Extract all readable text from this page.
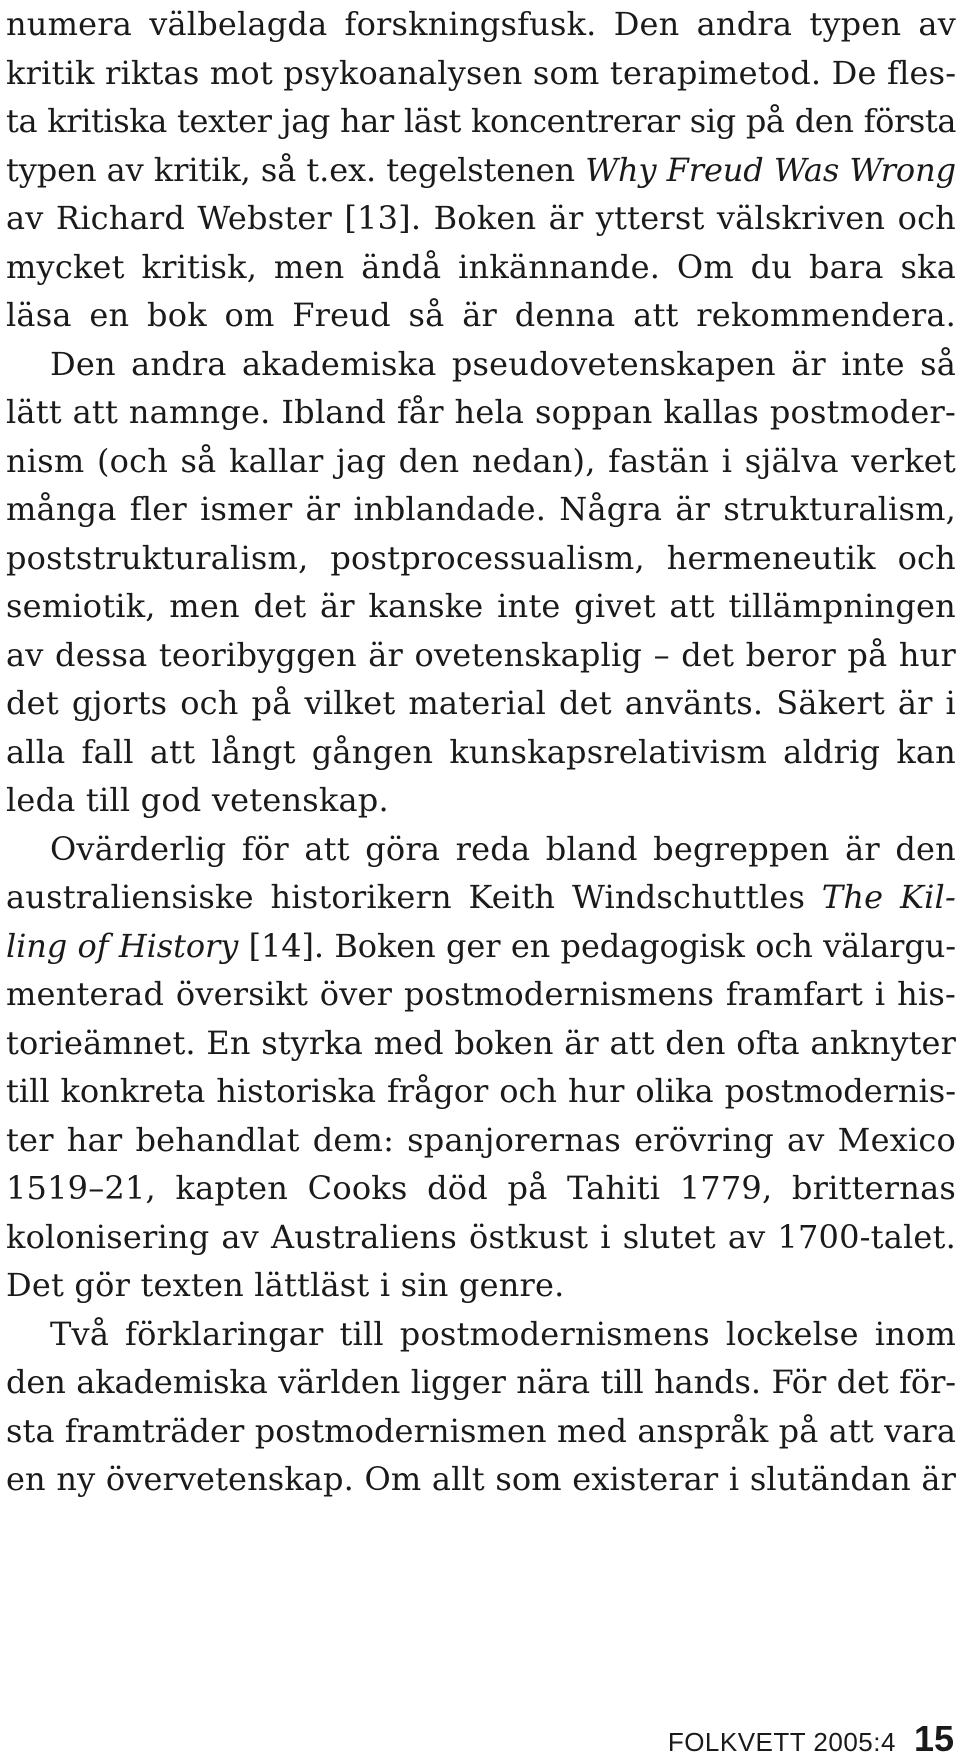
numera välbelagda forskningsfusk. Den andra typen av
kritik riktas mot psykoanalysen som terapimetod. De fles-
ta kritiska texter jag har läst koncentrerar sig på den första
typen av kritik, så t.ex. tegelstenen Why Freud Was Wrong
av Richard Webster [13]. Boken är ytterst välskriven och
mycket kritisk, men ändå inkännande. Om du bara ska
läsa en bok om Freud så är denna att rekommendera.
Den andra akademiska pseudovetenskapen är inte så
lätt att namnge. Ibland får hela soppan kallas postmoder-
nism (och så kallar jag den nedan), fastän i själva verket
många fler ismer är inblandade. Några är strukturalism,
poststrukturalism, postprocessualism, hermeneutik och
semiotik, men det är kanske inte givet att tillämpningen
av dessa teoribyggen är ovetenskaplig – det beror på hur
det gjorts och på vilket material det använts. Säkert är i
alla fall att långt gången kunskapsrelativism aldrig kan
leda till god vetenskap.
Ovärderlig för att göra reda bland begreppen är den
australiensiske historikern Keith Windschuttles The Kil-
ling of History [14]. Boken ger en pedagogisk och välargu-
menterad översikt över postmodernismens framfart i his-
torieämnet. En styrka med boken är att den ofta anknyter
till konkreta historiska frågor och hur olika postmodernis-
ter har behandlat dem: spanjorernas erövring av Mexico
1519–21, kapten Cooks död på Tahiti 1779, britternas
kolonisering av Australiens östkust i slutet av 1700-talet.
Det gör texten lättläst i sin genre.
Två förklaringar till postmodernismens lockelse inom
den akademiska världen ligger nära till hands. För det för-
sta framträder postmodernismen med anspråk på att vara
en ny övervetenskap. Om allt som existerar i slutändan är
FOLKVETT 2005:4 15
